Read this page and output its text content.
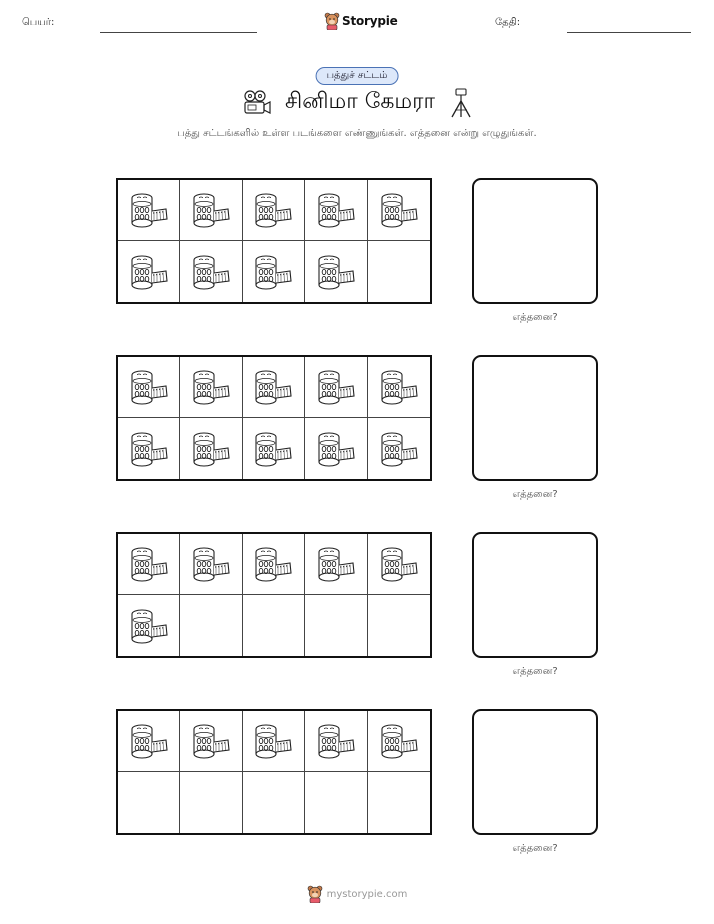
பெயர்:	Storypie	தேதி:
பத்துச் சட்டம்
சினிமா கேமரா
பத்து சட்டங்களில் உள்ள படங்களை எண்ணுங்கள். எத்தனை என்று எழுதுங்கள்.
எத்தனை?
எத்தனை?
எத்தனை?
எத்தனை?
mystorypie.com
